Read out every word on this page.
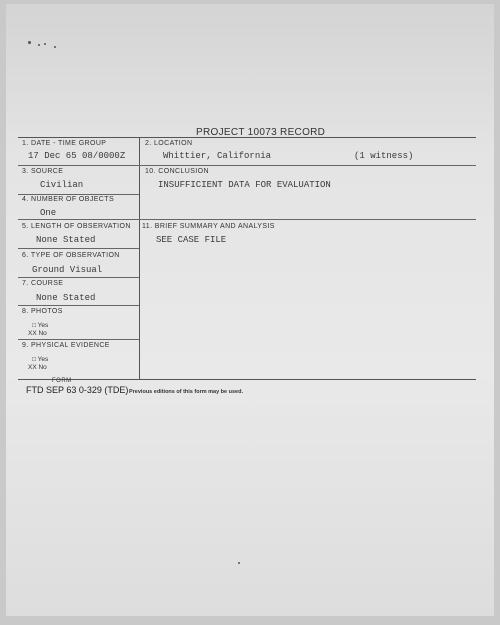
PROJECT 10073 RECORD
1. DATE - TIME GROUP
17 Dec 65 08/0000Z
2. LOCATION
Whittier, California	(1 witness)
3. SOURCE
Civilian
10. CONCLUSION
INSUFFICIENT DATA FOR EVALUATION
4. NUMBER OF OBJECTS
One
5. LENGTH OF OBSERVATION
None Stated
11. BRIEF SUMMARY AND ANALYSIS
SEE CASE FILE
6. TYPE OF OBSERVATION
Ground Visual
7. COURSE
None Stated
8. PHOTOS
□ Yes
XX No
9. PHYSICAL EVIDENCE
□ Yes
XX No
FORM
FTD SEP 63 0-329 (TDE) Previous editions of this form may be used.
